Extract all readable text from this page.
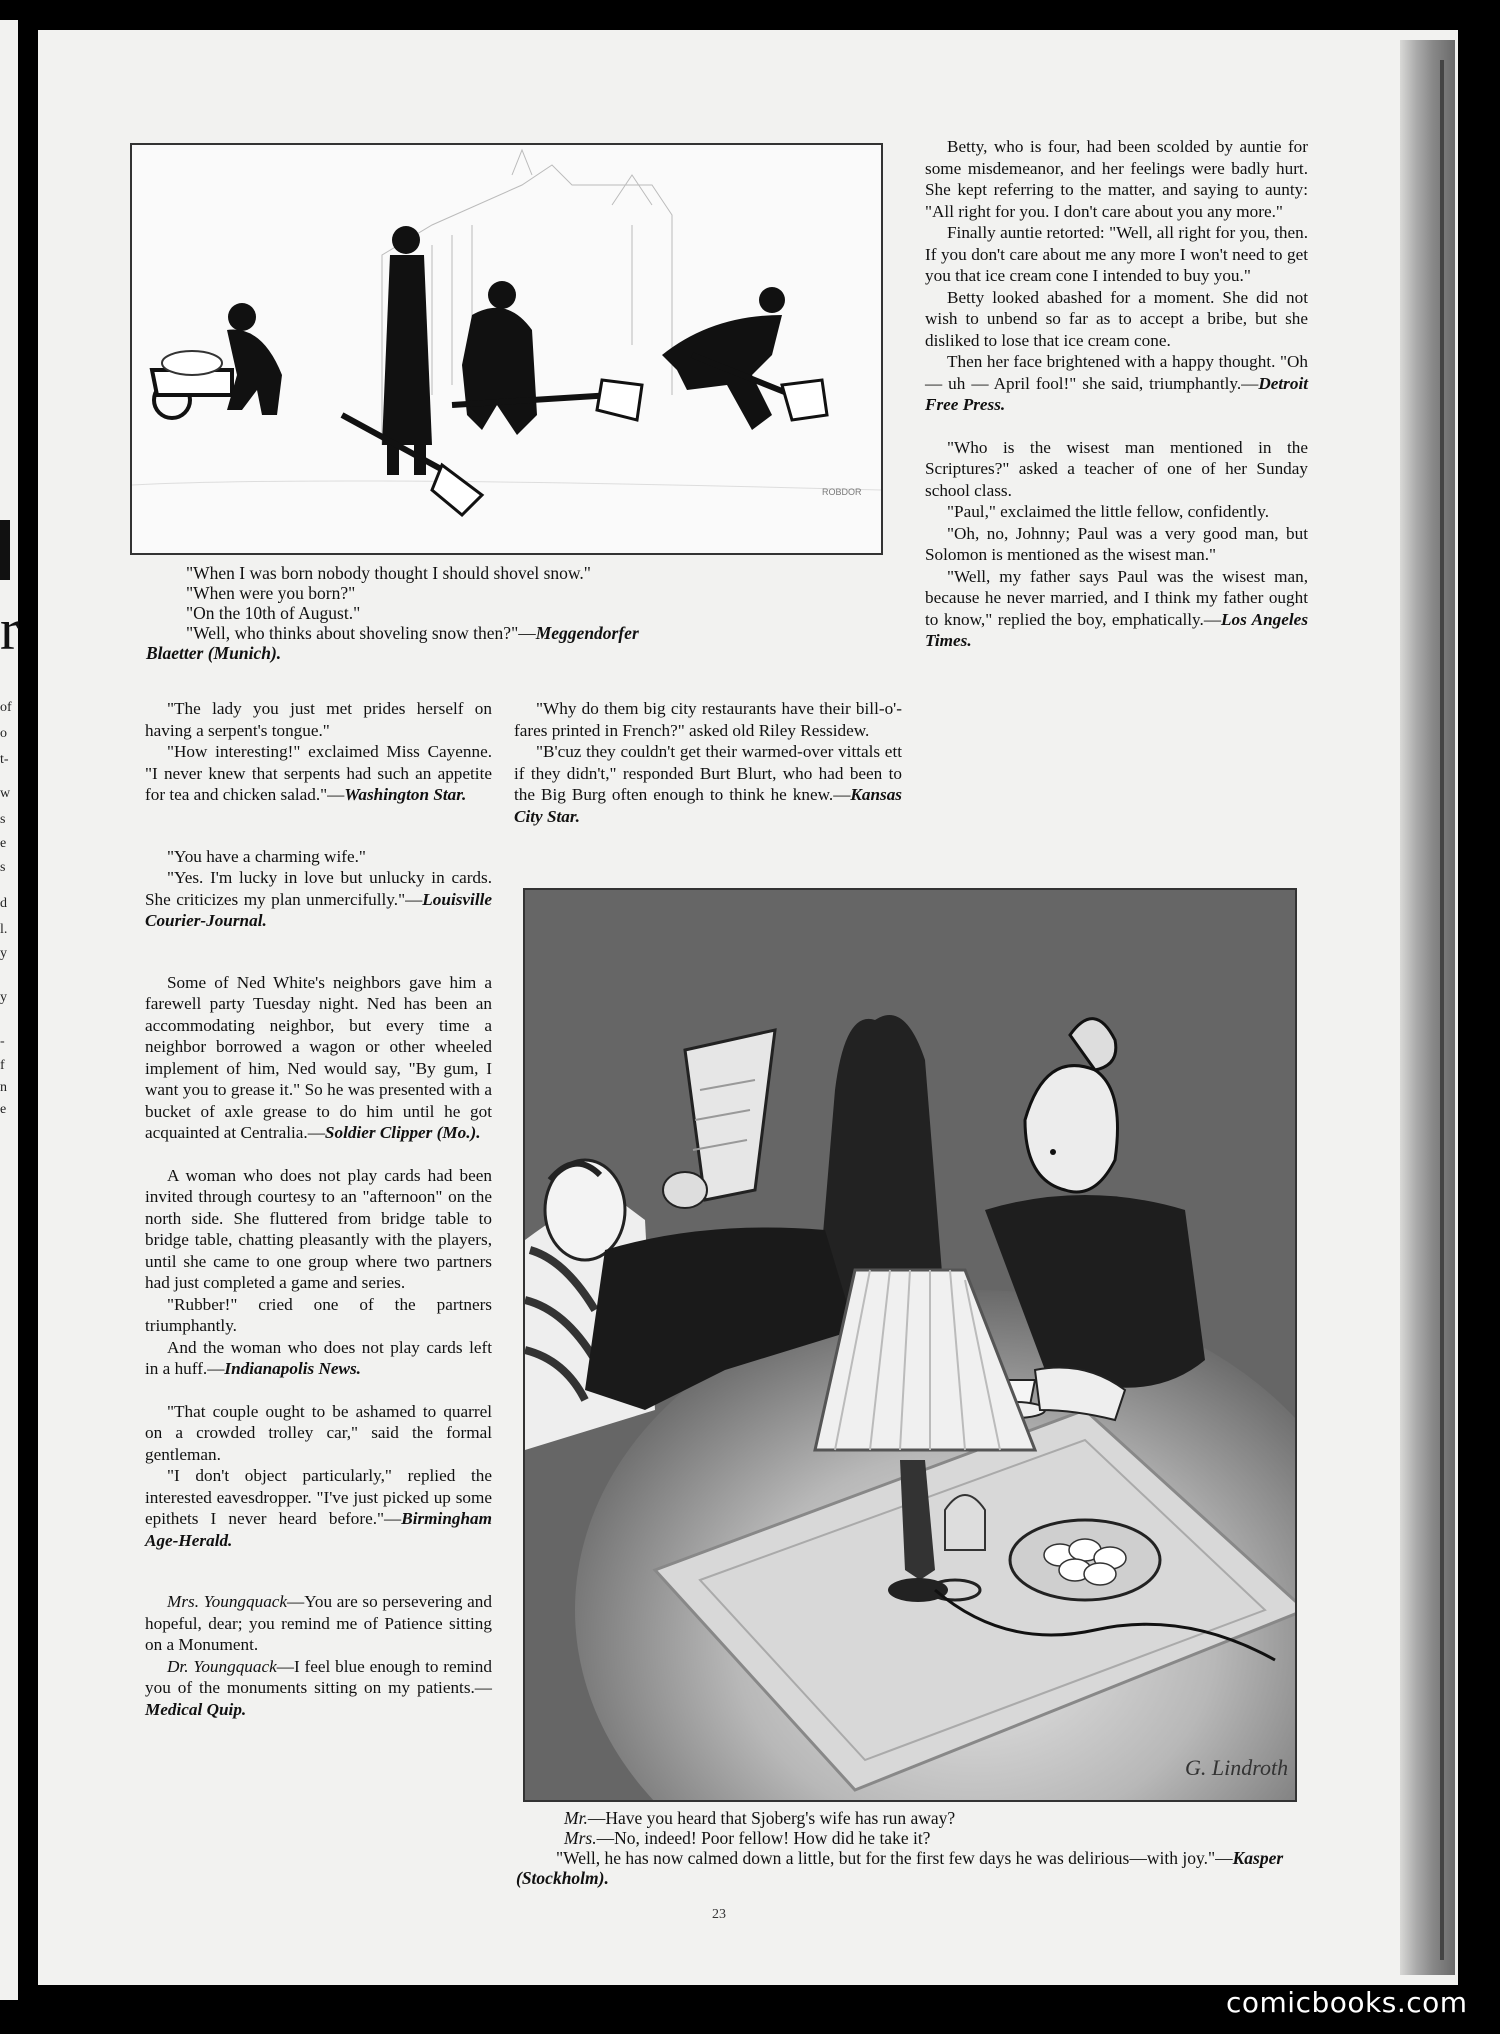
r
of
o
t-
w
s
e
s
d
l.
y
y
-
f
n
e
ROBDOR
"When I was born nobody thought I should shovel snow."
"When were you born?"
"On the 10th of August."
"Well, who thinks about shoveling snow then?"—Meggendorfer
Blaetter (Munich).

"The lady you just met prides herself on having a serpent's tongue."

"How interesting!" exclaimed Miss Cayenne. "I never knew that serpents had such an appetite for tea and chicken salad."—Washington Star.

"You have a charming wife."

"Yes. I'm lucky in love but unlucky in cards. She criticizes my plan unmercifully."—Louisville Courier-Journal.

Some of Ned White's neighbors gave him a farewell party Tuesday night. Ned has been an accommodating neighbor, but every time a neighbor borrowed a wagon or other wheeled implement of him, Ned would say, "By gum, I want you to grease it." So he was presented with a bucket of axle grease to do him until he got acquainted at Centralia.—Soldier Clipper (Mo.).

A woman who does not play cards had been invited through courtesy to an "afternoon" on the north side. She fluttered from bridge table to bridge table, chatting pleasantly with the players, until she came to one group where two partners had just completed a game and series.

"Rubber!" cried one of the partners triumphantly.

And the woman who does not play cards left in a huff.—Indianapolis News.

"That couple ought to be ashamed to quarrel on a crowded trolley car," said the formal gentleman.

"I don't object particularly," replied the interested eavesdropper. "I've just picked up some epithets I never heard before."—Birmingham Age-Herald.

Mrs. Youngquack—You are so persevering and hopeful, dear; you remind me of Patience sitting on a Monument.

Dr. Youngquack—I feel blue enough to remind you of the monuments sitting on my patients.—Medical Quip.

"Why do them big city restaurants have their bill-o'-fares printed in French?" asked old Riley Ressidew.

"B'cuz they couldn't get their warmed-over vittals ett if they didn't," responded Burt Blurt, who had been to the Big Burg often enough to think he knew.—Kansas City Star.

Betty, who is four, had been scolded by auntie for some misdemeanor, and her feelings were badly hurt. She kept referring to the matter, and saying to aunty: "All right for you. I don't care about you any more."

Finally auntie retorted: "Well, all right for you, then. If you don't care about me any more I won't need to get you that ice cream cone I intended to buy you."

Betty looked abashed for a moment. She did not wish to unbend so far as to accept a bribe, but she disliked to lose that ice cream cone.

Then her face brightened with a happy thought. "Oh — uh — April fool!" she said, triumphantly.—Detroit Free Press.

"Who is the wisest man mentioned in the Scriptures?" asked a teacher of one of her Sunday school class.

"Paul," exclaimed the little fellow, confidently.

"Oh, no, Johnny; Paul was a very good man, but Solomon is mentioned as the wisest man."

"Well, my father says Paul was the wisest man, because he never married, and I think my father ought to know," replied the boy, emphatically.—Los Angeles Times.

G. Lindroth
Mr.—Have you heard that Sjoberg's wife has run away?
Mrs.—No, indeed! Poor fellow! How did he take it?
"Well, he has now calmed down a little, but for the first few days he was delirious—with joy."—Kasper (Stockholm).
23
comicbooks.com
